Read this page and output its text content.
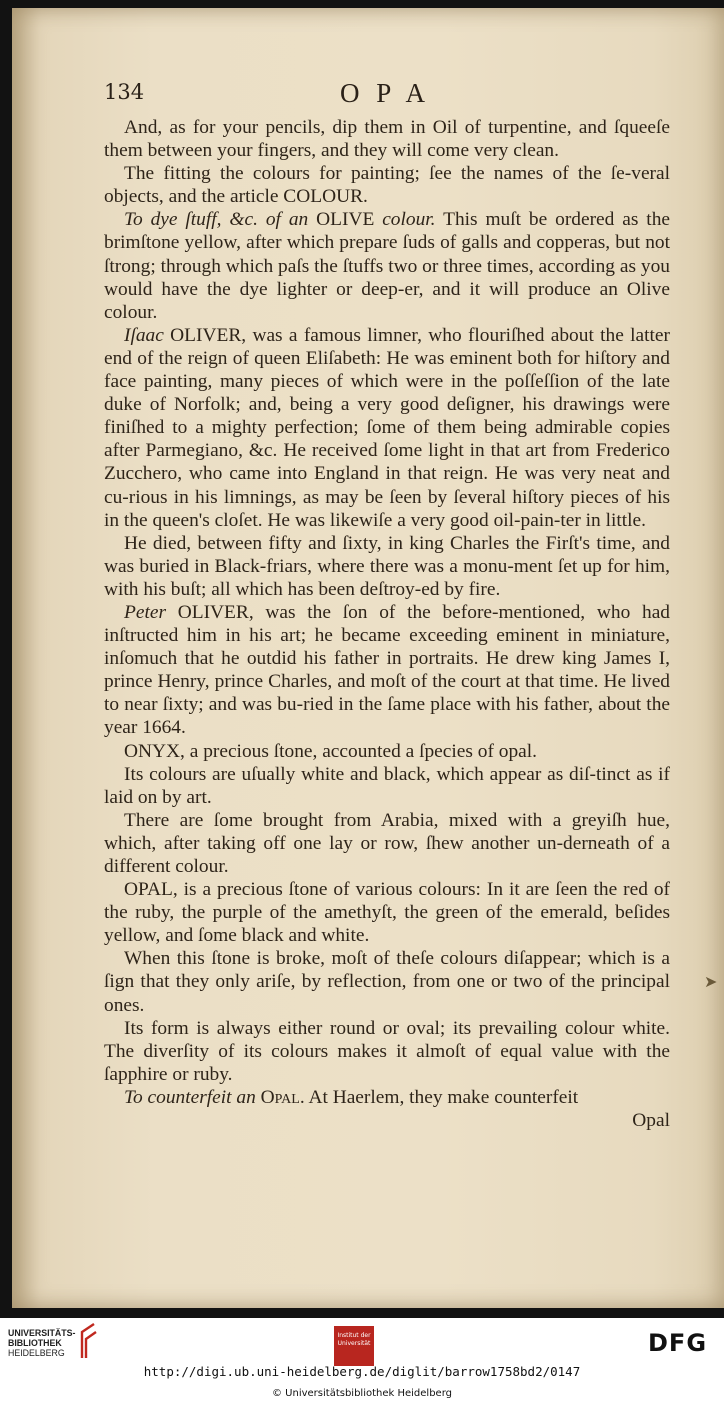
134	O P A

And, as for your pencils, dip them in Oil of turpentine, and ſqueeſe them between your fingers, and they will come very clean.

The fitting the colours for painting; ſee the names of the ſe-veral objects, and the article COLOUR.

To dye ſtuff, &c. of an OLIVE colour. This muſt be ordered as the brimſtone yellow, after which prepare ſuds of galls and copperas, but not ſtrong; through which paſs the ſtuffs two or three times, according as you would have the dye lighter or deep-er, and it will produce an Olive colour.

Iſaac OLIVER, was a famous limner, who flouriſhed about the latter end of the reign of queen Eliſabeth: He was eminent both for hiſtory and face painting, many pieces of which were in the poſſeſſion of the late duke of Norfolk; and, being a very good deſigner, his drawings were finiſhed to a mighty perfection; ſome of them being admirable copies after Parmegiano, &c. He received ſome light in that art from Frederico Zucchero, who came into England in that reign. He was very neat and cu-rious in his limnings, as may be ſeen by ſeveral hiſtory pieces of his in the queen's cloſet. He was likewiſe a very good oil-pain-ter in little.

He died, between fifty and ſixty, in king Charles the Firſt's time, and was buried in Black-friars, where there was a monu-ment ſet up for him, with his buſt; all which has been deſtroy-ed by fire.

Peter OLIVER, was the ſon of the before-mentioned, who had inſtructed him in his art; he became exceeding eminent in miniature, inſomuch that he outdid his father in portraits. He drew king James I, prince Henry, prince Charles, and moſt of the court at that time. He lived to near ſixty; and was bu-ried in the ſame place with his father, about the year 1664.

ONYX, a precious ſtone, accounted a ſpecies of opal.

Its colours are uſually white and black, which appear as diſ-tinct as if laid on by art.

There are ſome brought from Arabia, mixed with a greyiſh hue, which, after taking off one lay or row, ſhew another un-derneath of a different colour.

OPAL, is a precious ſtone of various colours: In it are ſeen the red of the ruby, the purple of the amethyſt, the green of the emerald, beſides yellow, and ſome black and white.

When this ſtone is broke, moſt of theſe colours diſappear; which is a ſign that they only ariſe, by reflection, from one or two of the principal ones.

Its form is always either round or oval; its prevailing colour white. The diverſity of its colours makes it almoſt of equal value with the ſapphire or ruby.

To counterfeit an Opal. At Haerlem, they make counterfeit

Opal
➤
UNIVERSITÄTS-
BIBLIOTHEK
HEIDELBERG
Institut der Universität	DFG
http://digi.ub.uni-heidelberg.de/diglit/barrow1758bd2/0147
© Universitätsbibliothek Heidelberg
